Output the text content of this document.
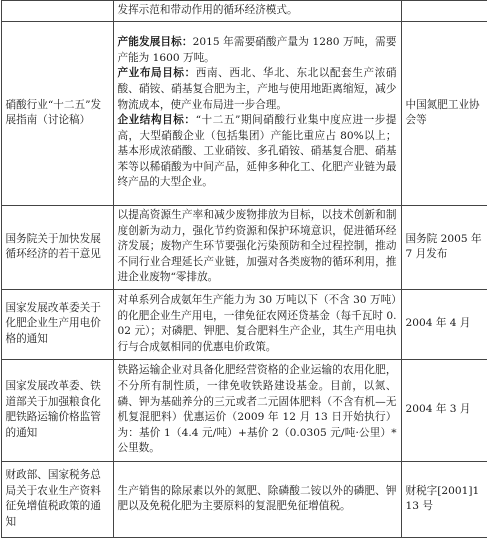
	发挥示范和带动作用的循环经济模式。	
硝酸行业“十二五”发展指南（讨论稿）	产能发展目标：2015 年需要硝酸产量为 1280 万吨，需要产能为 1600 万吨。

产业布局目标：西南、西北、华北、东北以配套生产浓硝酸、硝铵、硝基复合肥为主，产地与使用地距离缩短，减少物流成本，使产业布局进一步合理。

企业结构目标：“十二五”期间硝酸行业集中度应进一步提高，大型硝酸企业（包括集团）产能比重应占 80%以上；基本形成浓硝酸、工业硝铵、多孔硝铵、硝基复合肥、硝基苯等以稀硝酸为中间产品，延伸多种化工、化肥产业链为最终产品的大型企业。	中国氮肥工业协会等
国务院关于加快发展循环经济的若干意见	以提高资源生产率和减少废物排放为目标，以技术创新和制度创新为动力，强化节约资源和保护环境意识，促进循环经济发展；废物产生环节要强化污染预防和全过程控制，推动不同行业合理延长产业链，加强对各类废物的循环利用，推进企业废物“零排放。	国务院 2005 年 7 月发布
国家发展改革委关于化肥企业生产用电价格的通知	对单系列合成氨年生产能力为 30 万吨以下（不含 30 万吨）的化肥企业生产用电，一律免征农网还贷基金（每千瓦时 0.02 元）；对磷肥、钾肥、复合肥料生产企业，其生产用电执行与合成氨相同的优惠电价政策。	2004 年 4 月
国家发展改革委、铁道部关于加强粮食化肥铁路运输价格监管的通知	铁路运输企业对具备化肥经营资格的企业运输的农用化肥，不分所有制性质，一律免收铁路建设基金。目前，以氮、磷、钾为基础养分的三元或者二元固体肥料（不含有机—无机复混肥料）优惠运价（2009 年 12 月 13 日开始执行）为：基价 1（4.4 元/吨）+基价 2（0.0305 元/吨·公里）*公里数。	2004 年 3 月
财政部、国家税务总局关于农业生产资料征免增值税政策的通知	生产销售的除尿素以外的氮肥、除磷酸二铵以外的磷肥、钾肥以及免税化肥为主要原料的复混肥免征增值税。	财税字[2001]113 号
